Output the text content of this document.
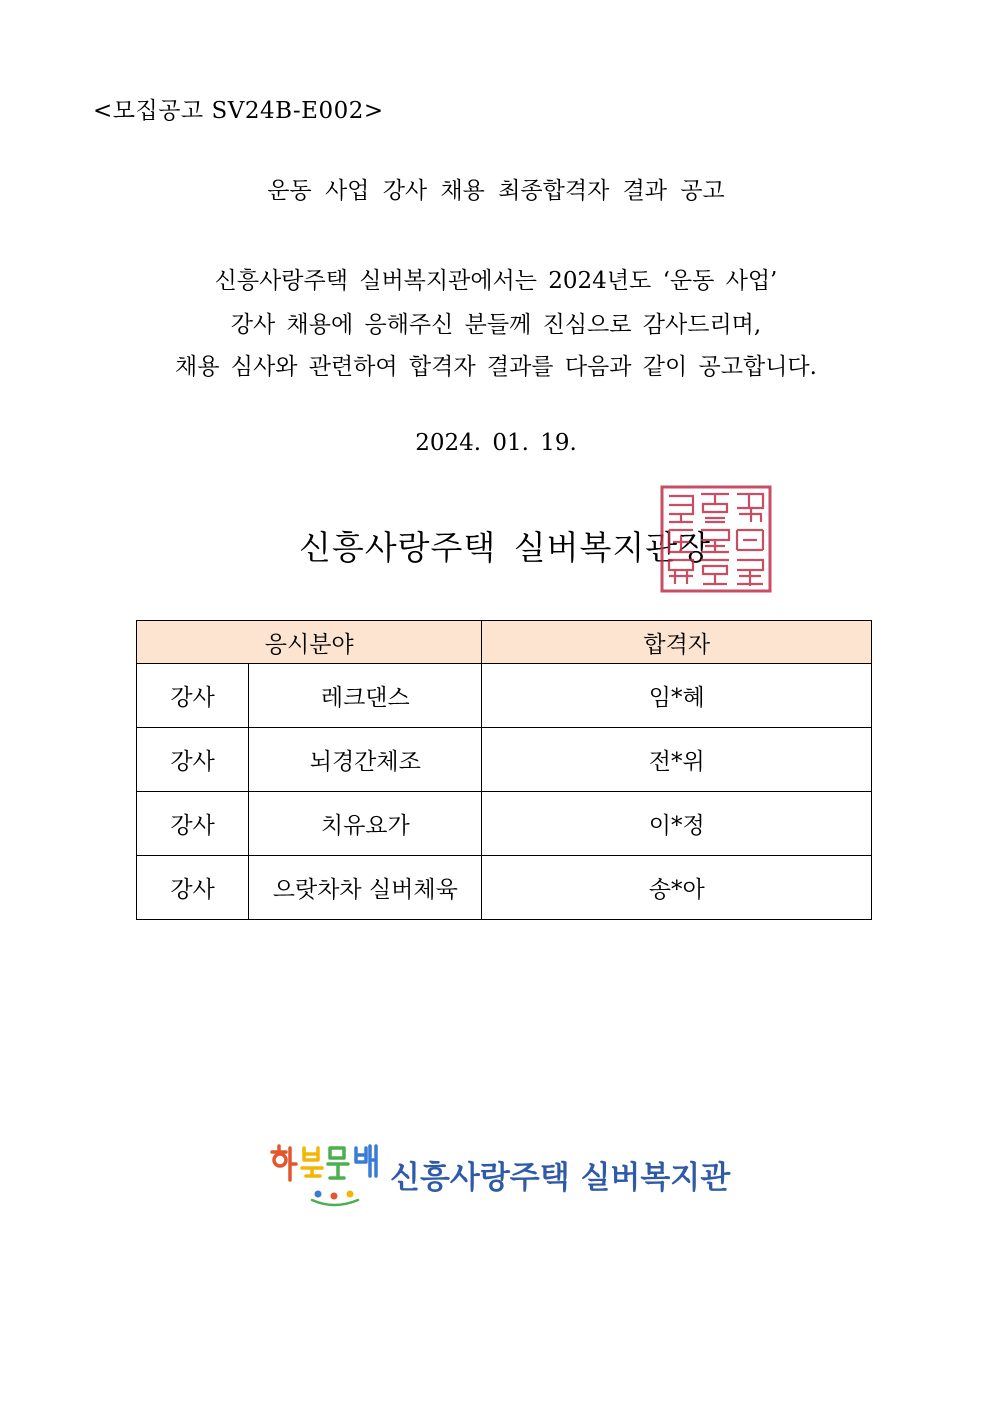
<모집공고 SV24B-E002>
운동 사업 강사 채용 최종합격자 결과 공고
신흥사랑주택 실버복지관에서는 2024년도 ‘운동 사업’
강사 채용에 응해주신 분들께 진심으로 감사드리며,
채용 심사와 관련하여 합격자 결과를 다음과 같이 공고합니다.
2024. 01. 19.
신흥사랑주택 실버복지관장
응시분야		합격자
강사	레크댄스	임*혜
강사	뇌경간체조	전*위
강사	치유요가	이*정
강사	으랏차차 실버체육	송*아
신흥사랑주택 실버복지관
